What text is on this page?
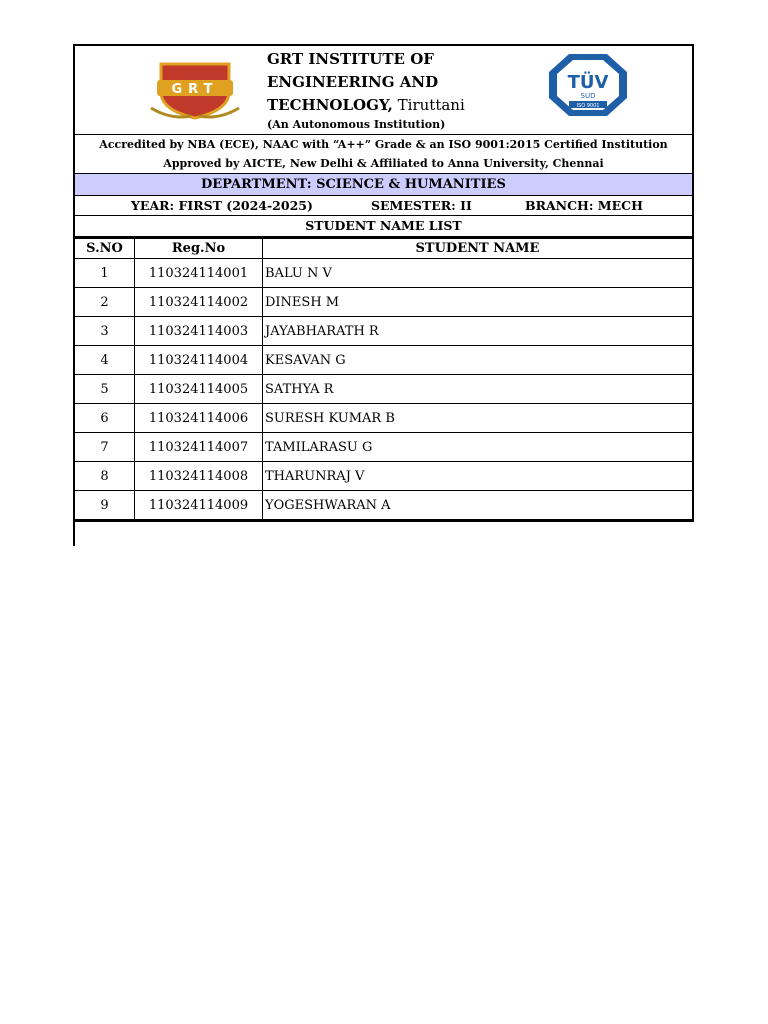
GRT
GRT INSTITUTE OF
ENGINEERING AND
TECHNOLOGY, Tiruttani
(An Autonomous Institution)
TÜV
SUD
ISO 9001
Accredited by NBA (ECE), NAAC with “A++” Grade & an ISO 9001:2015 Certified Institution
Approved by AICTE, New Delhi & Affiliated to Anna University, Chennai
DEPARTMENT: SCIENCE & HUMANITIES
YEAR: FIRST (2024-2025)	SEMESTER: II	BRANCH: MECH
STUDENT NAME LIST
S.NO	Reg.No	STUDENT NAME
1	110324114001	BALU N V
2	110324114002	DINESH M
3	110324114003	JAYABHARATH R
4	110324114004	KESAVAN G
5	110324114005	SATHYA R
6	110324114006	SURESH KUMAR B
7	110324114007	TAMILARASU G
8	110324114008	THARUNRAJ V
9	110324114009	YOGESHWARAN A
